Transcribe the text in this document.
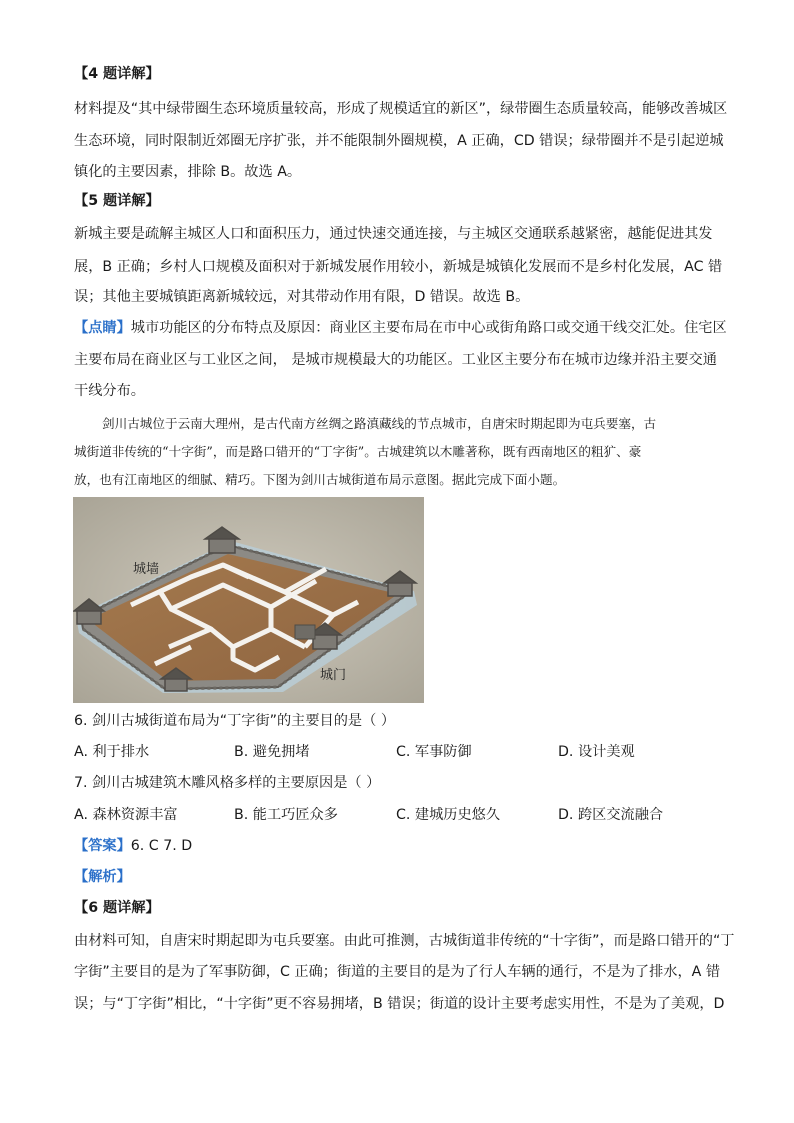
【4 题详解】
材料提及“其中绿带圈生态环境质量较高，形成了规模适宜的新区”，绿带圈生态质量较高，能够改善城区
生态环境，同时限制近郊圈无序扩张，并不能限制外圈规模，A 正确，CD 错误；绿带圈并不是引起逆城
镇化的主要因素，排除 B。故选 A。
【5 题详解】
新城主要是疏解主城区人口和面积压力，通过快速交通连接，与主城区交通联系越紧密，越能促进其发
展，B 正确；乡村人口规模及面积对于新城发展作用较小，新城是城镇化发展而不是乡村化发展，AC 错
误；其他主要城镇距离新城较远，对其带动作用有限，D 错误。故选 B。
【点睛】城市功能区的分布特点及原因：商业区主要布局在市中心或街角路口或交通干线交汇处。住宅区
主要布局在商业区与工业区之间， 是城市规模最大的功能区。工业区主要分布在城市边缘并沿主要交通
干线分布。
剑川古城位于云南大理州，是古代南方丝绸之路滇藏线的节点城市，自唐宋时期起即为屯兵要塞，古
城街道非传统的“十字街”，而是路口错开的“丁字街”。古城建筑以木雕著称，既有西南地区的粗犷、豪
放，也有江南地区的细腻、精巧。下图为剑川古城街道布局示意图。据此完成下面小题。
城墙
城门
6. 剑川古城街道布局为“丁字街”的主要目的是（ ）
A. 利于排水	B. 避免拥堵	C. 军事防御	D. 设计美观
7. 剑川古城建筑木雕风格多样的主要原因是（ ）
A. 森林资源丰富	B. 能工巧匠众多	C. 建城历史悠久	D. 跨区交流融合
【答案】6. C 7. D
【解析】
【6 题详解】
由材料可知，自唐宋时期起即为屯兵要塞。由此可推测，古城街道非传统的“十字街”，而是路口错开的“丁
字街”主要目的是为了军事防御，C 正确；街道的主要目的是为了行人车辆的通行，不是为了排水，A 错
误；与“丁字街”相比，“十字街”更不容易拥堵，B 错误；街道的设计主要考虑实用性，不是为了美观，D
